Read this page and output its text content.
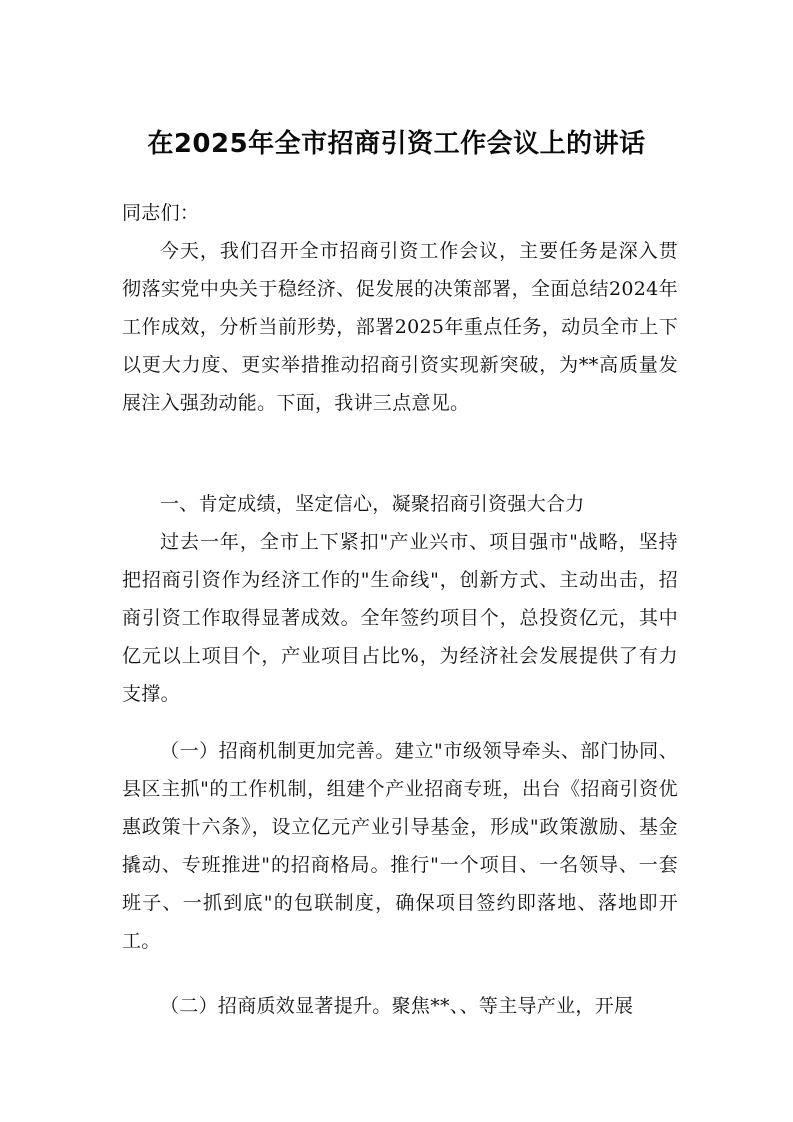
在2025年全市招商引资工作会议上的讲话

同志们：

今天，我们召开全市招商引资工作会议，主要任务是深入贯彻落实党中央关于稳经济、促发展的决策部署，全面总结2024年工作成效，分析当前形势，部署2025年重点任务，动员全市上下以更大力度、更实举措推动招商引资实现新突破，为**高质量发展注入强劲动能。下面，我讲三点意见。

一、肯定成绩，坚定信心，凝聚招商引资强大合力

过去一年，全市上下紧扣"产业兴市、项目强市"战略，坚持把招商引资作为经济工作的"生命线"，创新方式、主动出击，招商引资工作取得显著成效。全年签约项目个，总投资亿元，其中亿元以上项目个，产业项目占比%，为经济社会发展提供了有力支撑。

（一）招商机制更加完善。建立"市级领导牵头、部门协同、县区主抓"的工作机制，组建个产业招商专班，出台《招商引资优惠政策十六条》，设立亿元产业引导基金，形成"政策激励、基金撬动、专班推进"的招商格局。推行"一个项目、一名领导、一套班子、一抓到底"的包联制度，确保项目签约即落地、落地即开工。

（二）招商质效显著提升。聚焦**、、等主导产业，开展
